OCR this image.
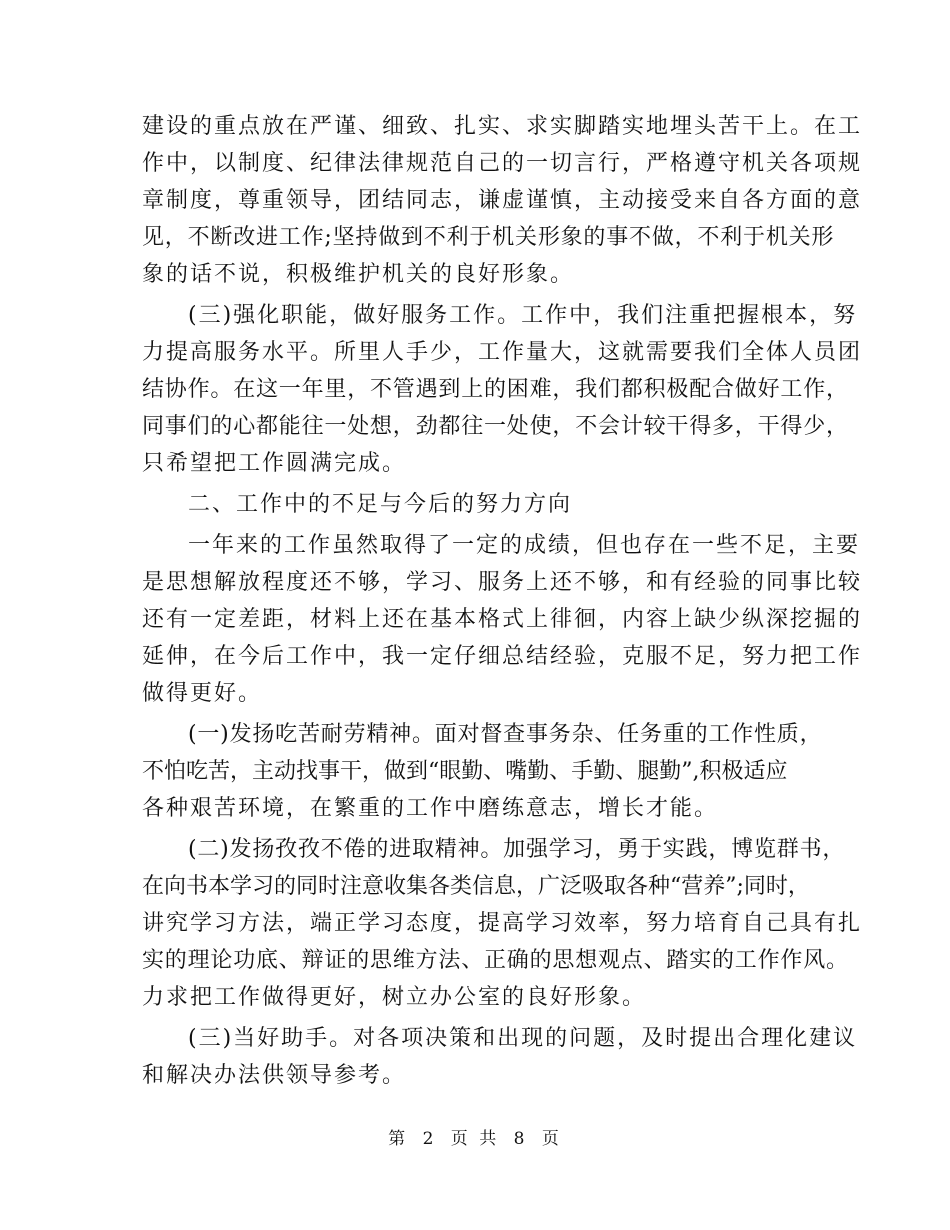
建设的重点放在严谨、细致、扎实、求实脚踏实地埋头苦干上。在工
作中，以制度、纪律法律规范自己的一切言行，严格遵守机关各项规
章制度，尊重领导，团结同志，谦虚谨慎，主动接受来自各方面的意
见，不断改进工作;坚持做到不利于机关形象的事不做，不利于机关形
象的话不说，积极维护机关的良好形象。
(三)强化职能，做好服务工作。工作中，我们注重把握根本，努
力提高服务水平。所里人手少，工作量大，这就需要我们全体人员团
结协作。在这一年里，不管遇到上的困难，我们都积极配合做好工作，
同事们的心都能往一处想，劲都往一处使，不会计较干得多，干得少，
只希望把工作圆满完成。
二、工作中的不足与今后的努力方向
一年来的工作虽然取得了一定的成绩，但也存在一些不足，主要
是思想解放程度还不够，学习、服务上还不够，和有经验的同事比较
还有一定差距，材料上还在基本格式上徘徊，内容上缺少纵深挖掘的
延伸，在今后工作中，我一定仔细总结经验，克服不足，努力把工作
做得更好。
(一)发扬吃苦耐劳精神。面对督查事务杂、任务重的工作性质，
不怕吃苦，主动找事干，做到“眼勤、嘴勤、手勤、腿勤”,积极适应
各种艰苦环境，在繁重的工作中磨练意志，增长才能。
(二)发扬孜孜不倦的进取精神。加强学习，勇于实践，博览群书，
在向书本学习的同时注意收集各类信息，广泛吸取各种“营养”;同时，
讲究学习方法，端正学习态度，提高学习效率，努力培育自己具有扎
实的理论功底、辩证的思维方法、正确的思想观点、踏实的工作作风。
力求把工作做得更好，树立办公室的良好形象。
(三)当好助手。对各项决策和出现的问题，及时提出合理化建议
和解决办法供领导参考。
第 2 页 共 8 页
